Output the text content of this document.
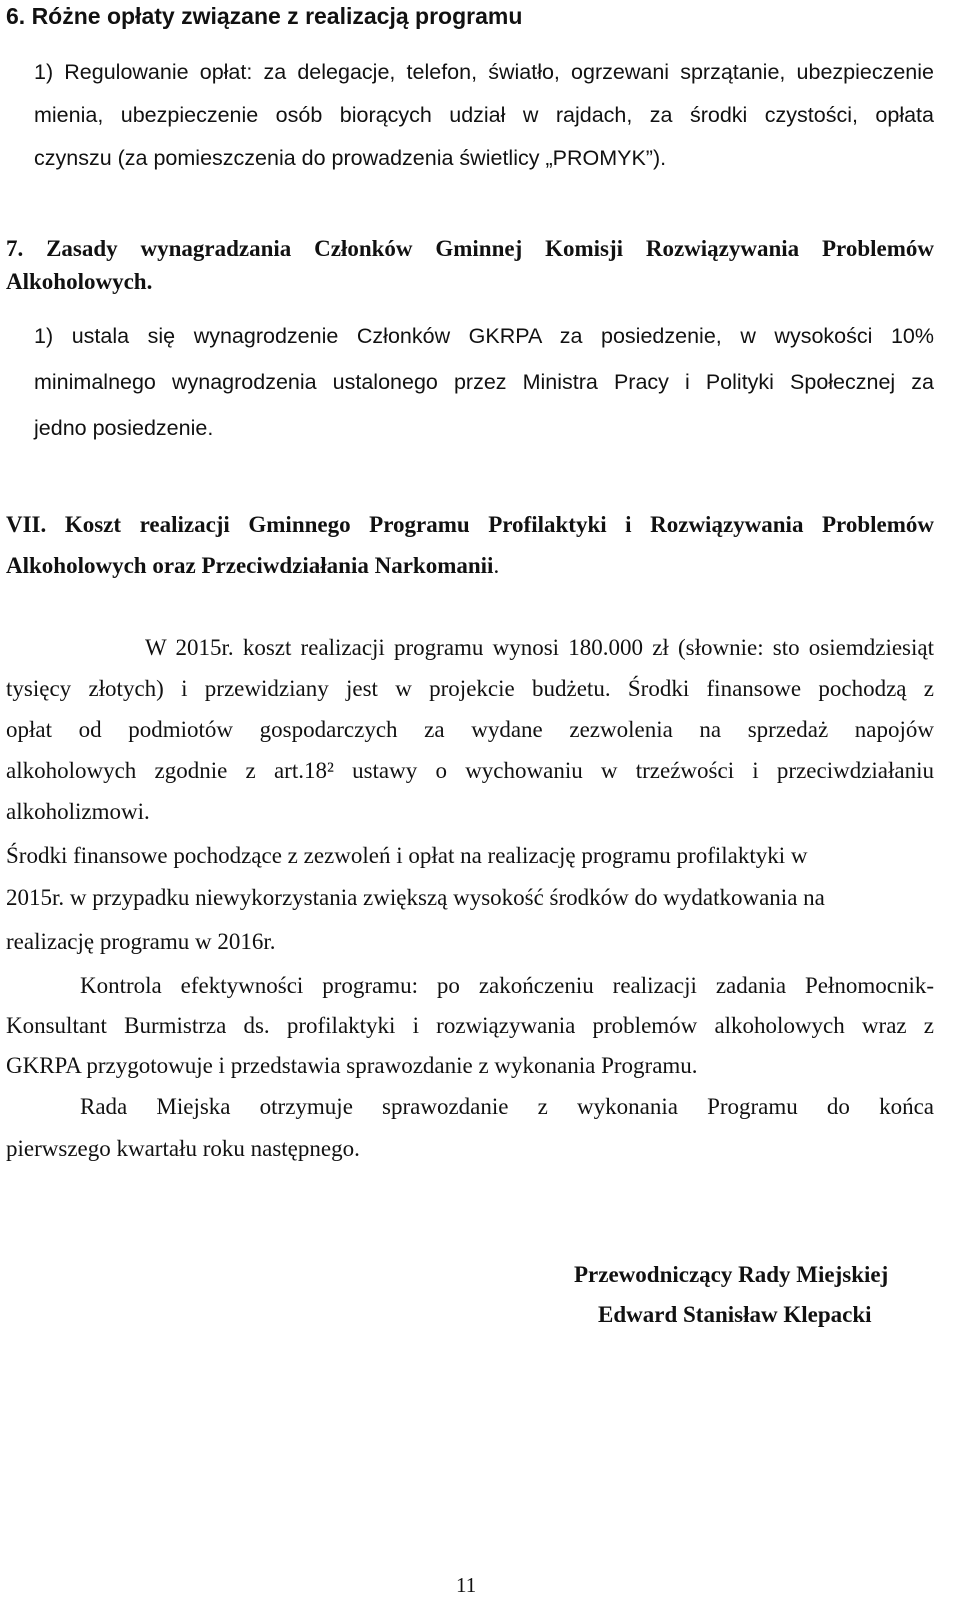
6. Różne opłaty związane z realizacją programu
1) Regulowanie opłat: za delegacje, telefon, światło, ogrzewani sprzątanie, ubezpieczenie
mienia, ubezpieczenie osób biorących udział w rajdach, za środki czystości, opłata
czynszu (za pomieszczenia do prowadzenia świetlicy „PROMYK”).
7. Zasady wynagradzania Członków Gminnej Komisji Rozwiązywania Problemów
Alkoholowych.
1) ustala się wynagrodzenie Członków GKRPA za posiedzenie, w wysokości 10%
minimalnego wynagrodzenia ustalonego przez Ministra Pracy i Polityki Społecznej za
jedno posiedzenie.
VII. Koszt realizacji Gminnego Programu Profilaktyki i Rozwiązywania Problemów
Alkoholowych oraz Przeciwdziałania Narkomanii.
W 2015r. koszt realizacji programu wynosi 180.000 zł (słownie: sto osiemdziesiąt
tysięcy złotych) i przewidziany jest w projekcie budżetu. Środki finansowe pochodzą z
opłat od podmiotów gospodarczych za wydane zezwolenia na sprzedaż napojów
alkoholowych zgodnie z art.18² ustawy o wychowaniu w trzeźwości i przeciwdziałaniu
alkoholizmowi.
Środki finansowe pochodzące z zezwoleń i opłat na realizację programu profilaktyki w
2015r. w przypadku niewykorzystania zwiększą wysokość środków do wydatkowania na
realizację programu w 2016r.
Kontrola efektywności programu: po zakończeniu realizacji zadania Pełnomocnik-
Konsultant Burmistrza ds. profilaktyki i rozwiązywania problemów alkoholowych wraz z
GKRPA przygotowuje i przedstawia sprawozdanie z wykonania Programu.
Rada Miejska otrzymuje sprawozdanie z wykonania Programu do końca
pierwszego kwartału roku następnego.
Przewodniczący Rady Miejskiej
Edward Stanisław Klepacki
11
